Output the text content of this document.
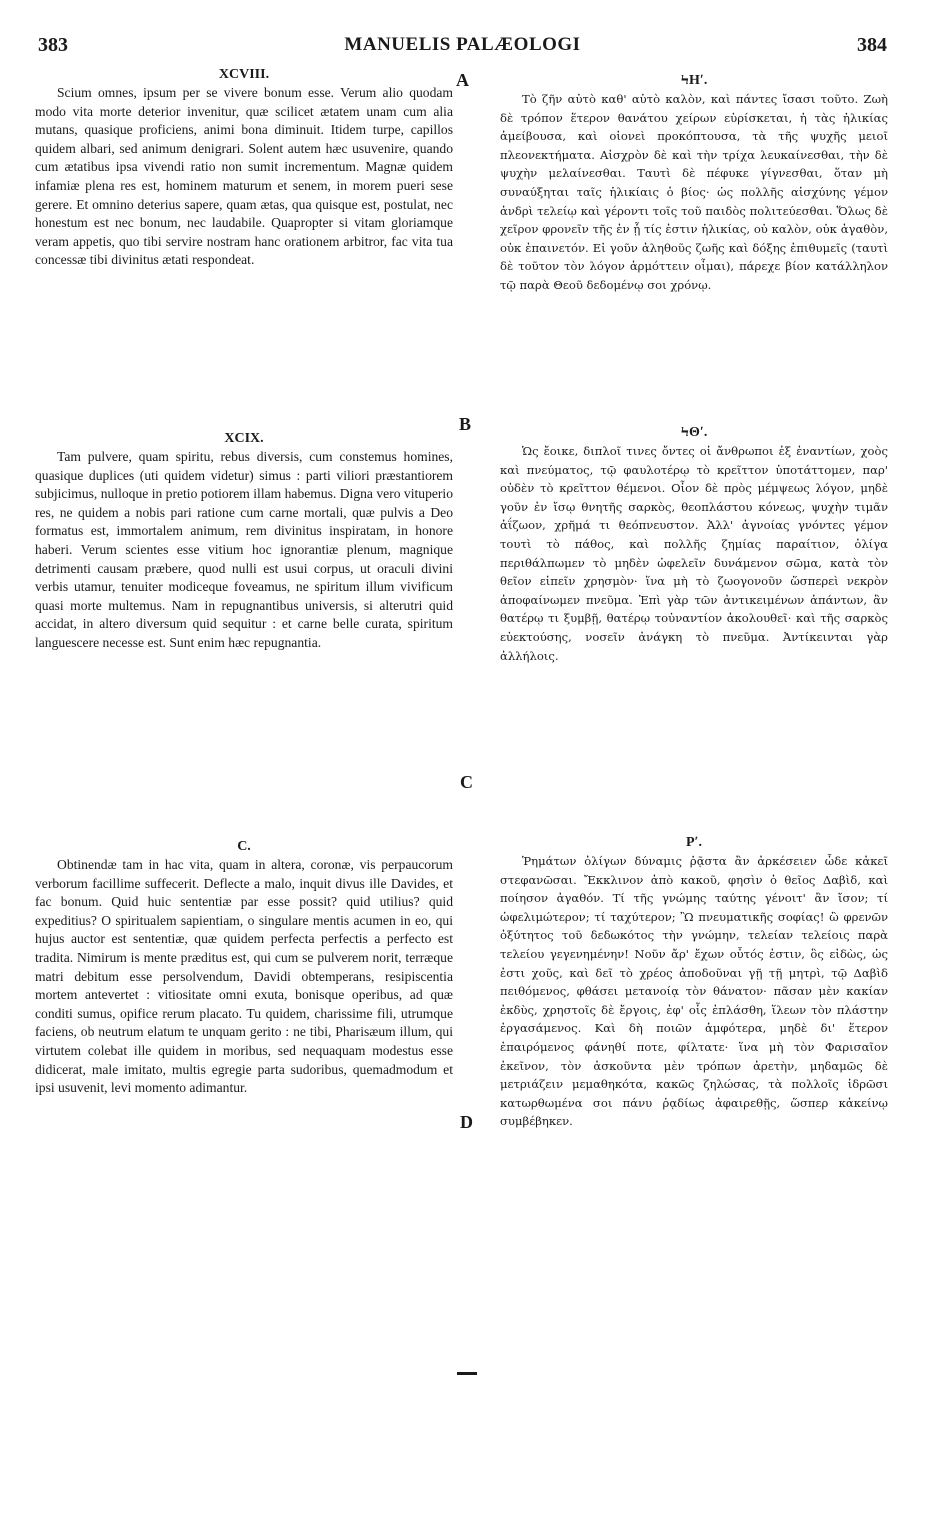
383	MANUELIS PALÆOLOGI	384
A
B
C
D
XCVIII.

Scium omnes, ipsum per se vivere bonum esse. Verum alio quodam modo vita morte deterior invenitur, quæ scilicet ætatem unam cum alia mutans, quasique proficiens, animi bona diminuit. Itidem turpe, capillos quidem albari, sed animum denigrari. Solent autem hæc usuvenire, quando cum ætatibus ipsa vivendi ratio non sumit incrementum. Magnæ quidem infamiæ plena res est, hominem maturum et senem, in morem pueri sese gerere. Et omnino deterius sapere, quam ætas, qua quisque est, postulat, nec honestum est nec bonum, nec laudabile. Quapropter si vitam gloriamque veram appetis, quo tibi servire nostram hanc orationem arbitror, fac vita tua concessæ tibi divinitus ætati respondeat.

XCIX.

Tam pulvere, quam spiritu, rebus diversis, cum constemus homines, quasique duplices (uti quidem videtur) simus : parti viliori præstantiorem subjicimus, nulloque in pretio potiorem illam habemus. Digna vero vituperio res, ne quidem a nobis pari ratione cum carne mortali, quæ pulvis a Deo formatus est, immortalem animum, rem divinitus inspiratam, in honore haberi. Verum scientes esse vitium hoc ignorantiæ plenum, magnique detrimenti causam præbere, quod nulli est usui corpus, ut oraculi divini verbis utamur, tenuiter modiceque foveamus, ne spiritum illum vivificum quasi morte multemus. Nam in repugnantibus universis, si alterutri quid accidat, in altero diversum quid sequitur : et carne belle curata, spiritum languescere necesse est. Sunt enim hæc repugnantia.

C.

Obtinendæ tam in hac vita, quam in altera, coronæ, vis perpaucorum verborum facillime suffecerit. Deflecte a malo, inquit divus ille Davides, et fac bonum. Quid huic sententiæ par esse possit? quid utilius? quid expeditius? O spiritualem sapientiam, o singulare mentis acumen in eo, qui hujus auctor est sententiæ, quæ quidem perfecta perfectis a perfecto est tradita. Nimirum is mente præditus est, qui cum se pulverem norit, terræque matri debitum esse persolvendum, Davidi obtemperans, resipiscentia mortem antevertet : vitiositate omni exuta, bonisque operibus, ad quæ conditi sumus, opifice rerum placato. Tu quidem, charissime fili, utrumque faciens, ob neutrum elatum te unquam gerito : ne tibi, Pharisæum illum, qui virtutem colebat ille quidem in moribus, sed nequaquam modestus esse didicerat, male imitato, multis egregie parta sudoribus, quemadmodum et ipsi usuvenit, levi momento adimantur.

ϞΗʹ.

Τὸ ζῆν αὐτὸ καθ' αὑτὸ καλὸν, καὶ πάντες ἴσασι τοῦτο. Ζωὴ δὲ τρόπον ἕτερον θανάτου χείρων εὑρίσκεται, ἡ τὰς ἡλικίας ἀμείβουσα, καὶ οἱονεὶ προκόπτουσα, τὰ τῆς ψυχῆς μειοῖ πλεονεκτήματα. Αἰσχρὸν δὲ καὶ τὴν τρίχα λευκαίνεσθαι, τὴν δὲ ψυχὴν μελαίνεσθαι. Ταυτὶ δὲ πέφυκε γίγνεσθαι, ὅταν μὴ συναύξηται ταῖς ἡλικίαις ὁ βίος· ὡς πολλῆς αἰσχύνης γέμον ἀνδρὶ τελείῳ καὶ γέροντι τοῖς τοῦ παιδὸς πολιτεύεσθαι. Ὅλως δὲ χεῖρον φρονεῖν τῆς ἐν ᾗ τίς ἐστιν ἡλικίας, οὐ καλὸν, οὐκ ἀγαθὸν, οὐκ ἐπαινετόν. Εἰ γοῦν ἀληθοῦς ζωῆς καὶ δόξης ἐπιθυμεῖς (ταυτὶ δὲ τοῦτον τὸν λόγον ἁρμόττειν οἶμαι), πάρεχε βίον κατάλληλον τῷ παρὰ Θεοῦ δεδομένῳ σοι χρόνῳ.

ϞΘʹ.

Ὡς ἔοικε, διπλοῖ τινες ὄντες οἱ ἄνθρωποι ἐξ ἐναντίων, χοὸς καὶ πνεύματος, τῷ φαυλοτέρῳ τὸ κρεῖττον ὑποτάττομεν, παρ' οὐδὲν τὸ κρεῖττον θέμενοι. Οἶον δὲ πρὸς μέμψεως λόγον, μηδὲ γοῦν ἐν ἴσῳ θνητῆς σαρκὸς, θεοπλάστου κόνεως, ψυχὴν τιμᾶν ἀΐζωον, χρῆμά τι θεόπνευστον. Ἀλλ' ἀγνοίας γνόντες γέμον τουτὶ τὸ πάθος, καὶ πολλῆς ζημίας παραίτιον, ὀλίγα περιθάλπωμεν τὸ μηδὲν ὠφελεῖν δυνάμενον σῶμα, κατὰ τὸν θεῖον εἰπεῖν χρησμὸν· ἵνα μὴ τὸ ζωογονοῦν ὥσπερεὶ νεκρὸν ἀποφαίνωμεν πνεῦμα. Ἐπὶ γὰρ τῶν ἀντικειμένων ἁπάντων, ἂν θατέρῳ τι ξυμβῇ, θατέρῳ τοὐναντίον ἀκολουθεῖ· καὶ τῆς σαρκὸς εὐεκτούσης, νοσεῖν ἀνάγκη τὸ πνεῦμα. Ἀντίκεινται γὰρ ἀλλήλοις.

Ρʹ.

Ῥημάτων ὀλίγων δύναμις ῥᾷστα ἂν ἀρκέσειεν ὧδε κἀκεῖ στεφανῶσαι. Ἔκκλινον ἀπὸ κακοῦ, φησὶν ὁ θεῖος Δαβὶδ, καὶ ποίησον ἀγαθόν. Τί τῆς γνώμης ταύτης γένοιτ' ἂν ἴσον; τί ὠφελιμώτερον; τί ταχύτερον; Ὢ πνευματικῆς σοφίας! ὢ φρενῶν ὀξύτητος τοῦ δεδωκότος τὴν γνώμην, τελείαν τελείοις παρὰ τελείου γεγενημένην! Νοῦν ἄρ' ἔχων οὗτός ἐστιν, ὃς εἰδὼς, ὡς ἐστι χοῦς, καὶ δεῖ τὸ χρέος ἀποδοῦναι γῇ τῇ μητρὶ, τῷ Δαβὶδ πειθόμενος, φθάσει μετανοίᾳ τὸν θάνατον· πᾶσαν μὲν κακίαν ἐκδὺς, χρηστοῖς δὲ ἔργοις, ἐφ' οἷς ἐπλάσθη, ἵλεων τὸν πλάστην ἐργασάμενος. Καὶ δὴ ποιῶν ἀμφότερα, μηδὲ δι' ἕτερον ἐπαιρόμενος φάνηθί ποτε, φίλτατε· ἵνα μὴ τὸν Φαρισαῖον ἐκεῖνον, τὸν ἀσκοῦντα μὲν τρόπων ἀρετὴν, μηδαμῶς δὲ μετριάζειν μεμαθηκότα, κακῶς ζηλώσας, τὰ πολλοῖς ἱδρῶσι κατωρθωμένα σοι πάνυ ῥᾳδίως ἀφαιρεθῇς, ὥσπερ κἀκείνῳ συμβέβηκεν.
